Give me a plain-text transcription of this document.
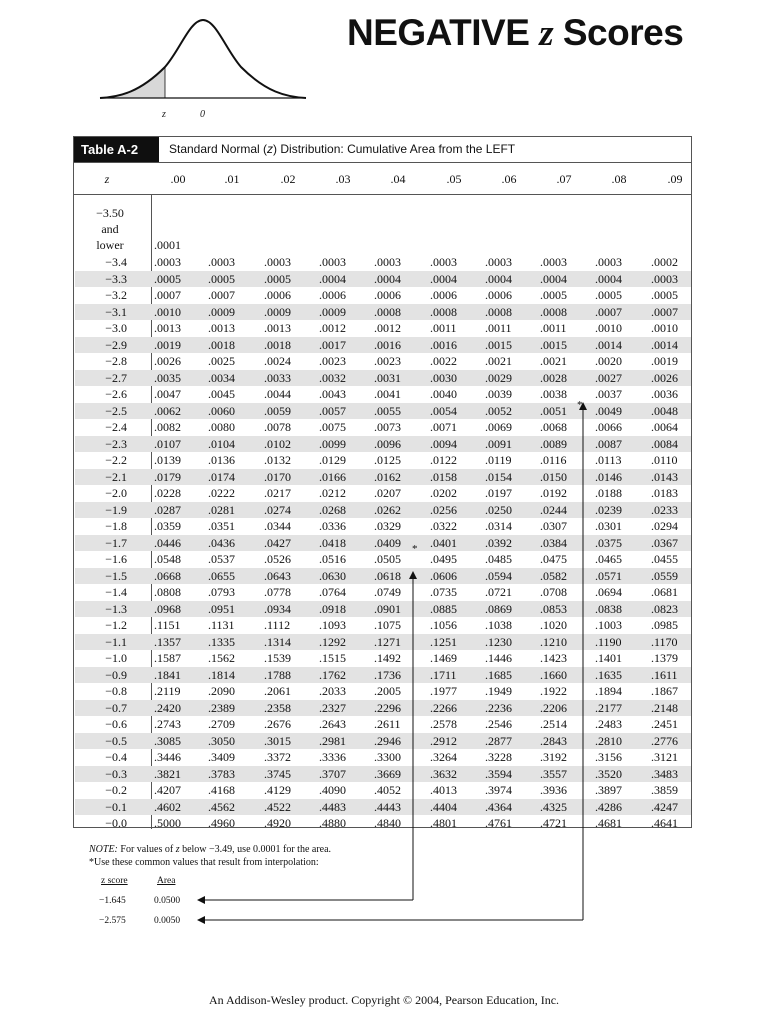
z	0
NEGATIVE z Scores
Table A-2	Standard Normal (z) Distribution: Cumulative Area from the LEFT
z	.00	.01	.02	.03	.04	.05	.06	.07	.08	.09
−3.50
and
lower	.0001
−3.4	.0003	.0003	.0003	.0003	.0003	.0003	.0003	.0003	.0003	.0002
−3.3	.0005	.0005	.0005	.0004	.0004	.0004	.0004	.0004	.0004	.0003
−3.2	.0007	.0007	.0006	.0006	.0006	.0006	.0006	.0005	.0005	.0005
−3.1	.0010	.0009	.0009	.0009	.0008	.0008	.0008	.0008	.0007	.0007
−3.0	.0013	.0013	.0013	.0012	.0012	.0011	.0011	.0011	.0010	.0010
−2.9	.0019	.0018	.0018	.0017	.0016	.0016	.0015	.0015	.0014	.0014
−2.8	.0026	.0025	.0024	.0023	.0023	.0022	.0021	.0021	.0020	.0019
−2.7	.0035	.0034	.0033	.0032	.0031	.0030	.0029	.0028	.0027	.0026
−2.6	.0047	.0045	.0044	.0043	.0041	.0040	.0039	.0038	.0037	.0036
−2.5	.0062	.0060	.0059	.0057	.0055	.0054	.0052	.0051	.0049	.0048
−2.4	.0082	.0080	.0078	.0075	.0073	.0071	.0069	.0068	.0066	.0064
−2.3	.0107	.0104	.0102	.0099	.0096	.0094	.0091	.0089	.0087	.0084
−2.2	.0139	.0136	.0132	.0129	.0125	.0122	.0119	.0116	.0113	.0110
−2.1	.0179	.0174	.0170	.0166	.0162	.0158	.0154	.0150	.0146	.0143
−2.0	.0228	.0222	.0217	.0212	.0207	.0202	.0197	.0192	.0188	.0183
−1.9	.0287	.0281	.0274	.0268	.0262	.0256	.0250	.0244	.0239	.0233
−1.8	.0359	.0351	.0344	.0336	.0329	.0322	.0314	.0307	.0301	.0294
−1.7	.0446	.0436	.0427	.0418	.0409	.0401	.0392	.0384	.0375	.0367
−1.6	.0548	.0537	.0526	.0516	.0505	.0495	.0485	.0475	.0465	.0455
−1.5	.0668	.0655	.0643	.0630	.0618	.0606	.0594	.0582	.0571	.0559
−1.4	.0808	.0793	.0778	.0764	.0749	.0735	.0721	.0708	.0694	.0681
−1.3	.0968	.0951	.0934	.0918	.0901	.0885	.0869	.0853	.0838	.0823
−1.2	.1151	.1131	.1112	.1093	.1075	.1056	.1038	.1020	.1003	.0985
−1.1	.1357	.1335	.1314	.1292	.1271	.1251	.1230	.1210	.1190	.1170
−1.0	.1587	.1562	.1539	.1515	.1492	.1469	.1446	.1423	.1401	.1379
−0.9	.1841	.1814	.1788	.1762	.1736	.1711	.1685	.1660	.1635	.1611
−0.8	.2119	.2090	.2061	.2033	.2005	.1977	.1949	.1922	.1894	.1867
−0.7	.2420	.2389	.2358	.2327	.2296	.2266	.2236	.2206	.2177	.2148
−0.6	.2743	.2709	.2676	.2643	.2611	.2578	.2546	.2514	.2483	.2451
−0.5	.3085	.3050	.3015	.2981	.2946	.2912	.2877	.2843	.2810	.2776
−0.4	.3446	.3409	.3372	.3336	.3300	.3264	.3228	.3192	.3156	.3121
−0.3	.3821	.3783	.3745	.3707	.3669	.3632	.3594	.3557	.3520	.3483
−0.2	.4207	.4168	.4129	.4090	.4052	.4013	.3974	.3936	.3897	.3859
−0.1	.4602	.4562	.4522	.4483	.4443	.4404	.4364	.4325	.4286	.4247
−0.0	.5000	.4960	.4920	.4880	.4840	.4801	.4761	.4721	.4681	.4641
*
*
NOTE: For values of z below −3.49, use 0.0001 for the area.
*Use these common values that result from interpolation:
z score	Area
−1.645	0.0500
−2.575	0.0050
An Addison-Wesley product. Copyright © 2004, Pearson Education, Inc.
